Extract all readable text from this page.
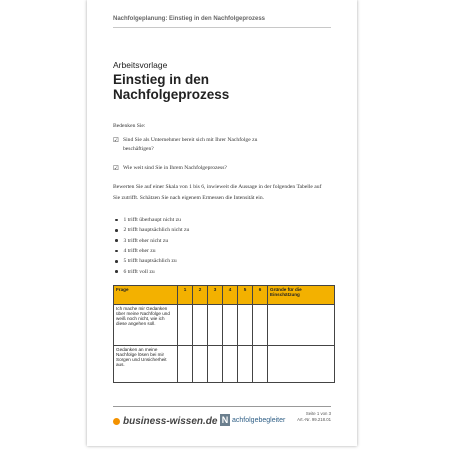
Nachfolgeplanung: Einstieg in den Nachfolgeprozess
Arbeitsvorlage
Einstieg in den
Nachfolgeprozess
Bedenken Sie:
☑ Sind Sie als Unternehmer bereit sich mit Ihrer Nachfolge zu beschäftigen?
☑ Wie weit sind Sie in Ihrem Nachfolgeprozess?
Bewerten Sie auf einer Skala von 1 bis 6, inwieweit die Aussage in der folgenden Tabelle auf Sie zutrifft. Schätzen Sie nach eigenem Ermessen die Intensität ein.
1 trifft überhaupt nicht zu
2 trifft hauptsächlich nicht zu
3 trifft eher nicht zu
4 trifft eher zu
5 trifft hauptsächlich zu
6 trifft voll zu
Frage	1	2	3	4	5	6	Gründe für die Einschätzung
Ich mache mir Gedanken über meine Nachfolge und weiß noch nicht, wie ich diese angehen soll.							
Gedanken an meine Nachfolge lösen bei mir Sorgen und Unsicherheit aus.							
business-wissen.de N achfolgebegleiter
Seite 1 von 3
Art.-Nr. 99.218.01
